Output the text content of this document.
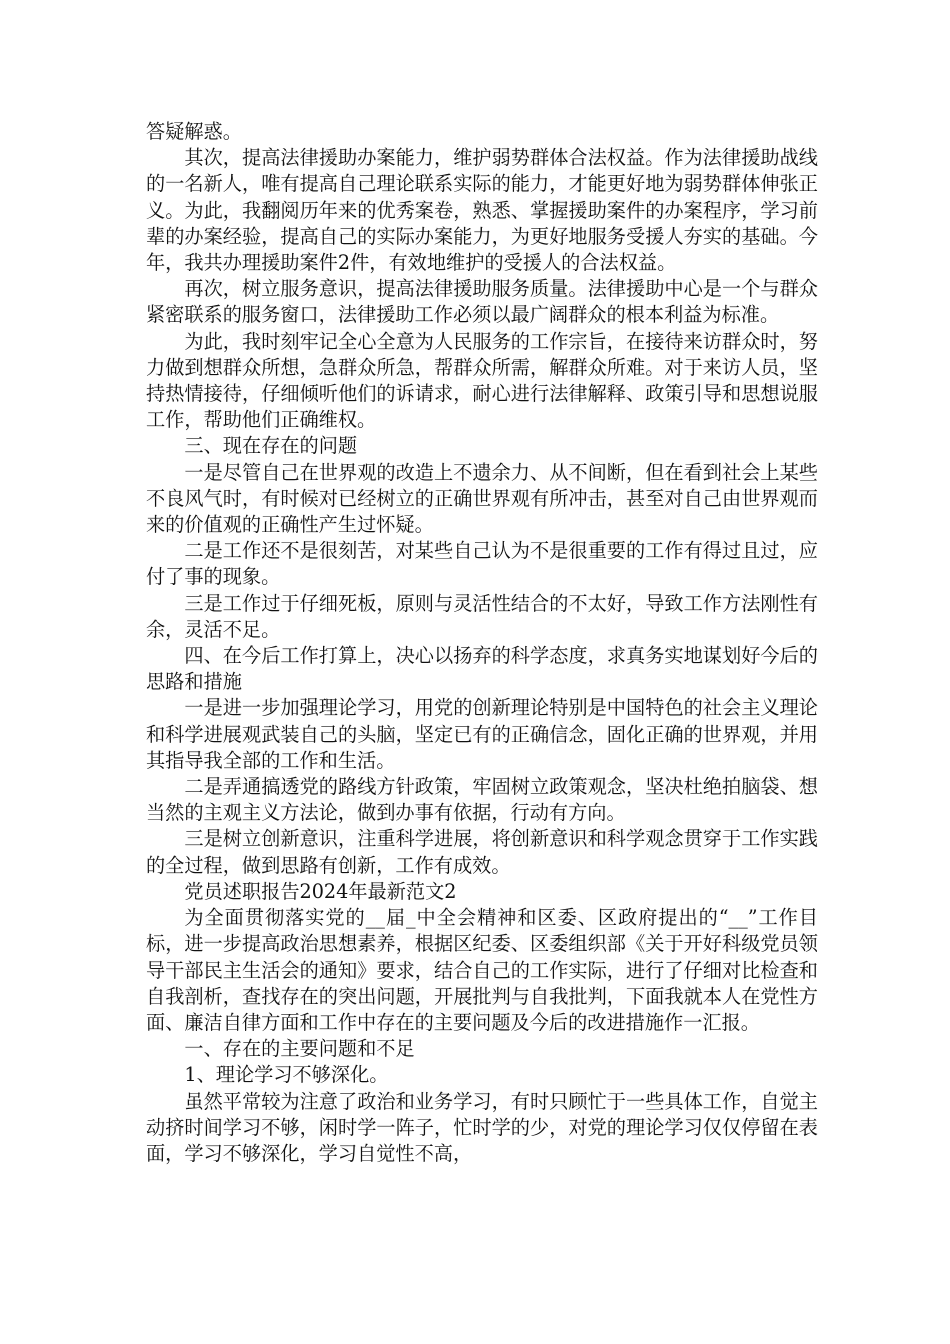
答疑解惑。

其次，提高法律援助办案能力，维护弱势群体合法权益。作为法律援助战线的一名新人，唯有提高自己理论联系实际的能力，才能更好地为弱势群体伸张正义。为此，我翻阅历年来的优秀案卷，熟悉、掌握援助案件的办案程序，学习前辈的办案经验，提高自己的实际办案能力，为更好地服务受援人夯实的基础。今年，我共办理援助案件2件，有效地维护的受援人的合法权益。

再次，树立服务意识，提高法律援助服务质量。法律援助中心是一个与群众紧密联系的服务窗口，法律援助工作必须以最广阔群众的根本利益为标准。

为此，我时刻牢记全心全意为人民服务的工作宗旨，在接待来访群众时，努力做到想群众所想，急群众所急，帮群众所需，解群众所难。对于来访人员，坚持热情接待，仔细倾听他们的诉请求，耐心进行法律解释、政策引导和思想说服工作，帮助他们正确维权。

三、现在存在的问题

一是尽管自己在世界观的改造上不遗余力、从不间断，但在看到社会上某些不良风气时，有时候对已经树立的正确世界观有所冲击，甚至对自己由世界观而来的价值观的正确性产生过怀疑。

二是工作还不是很刻苦，对某些自己认为不是很重要的工作有得过且过，应付了事的现象。

三是工作过于仔细死板，原则与灵活性结合的不太好，导致工作方法刚性有余，灵活不足。

四、在今后工作打算上，决心以扬弃的科学态度，求真务实地谋划好今后的思路和措施

一是进一步加强理论学习，用党的创新理论特别是中国特色的社会主义理论和科学进展观武装自己的头脑，坚定已有的正确信念，固化正确的世界观，并用其指导我全部的工作和生活。

二是弄通搞透党的路线方针政策，牢固树立政策观念，坚决杜绝拍脑袋、想当然的主观主义方法论，做到办事有依据，行动有方向。

三是树立创新意识，注重科学进展，将创新意识和科学观念贯穿于工作实践的全过程，做到思路有创新，工作有成效。

党员述职报告2024年最新范文2

为全面贯彻落实党的__届_中全会精神和区委、区政府提出的“__”工作目标，进一步提高政治思想素养，根据区纪委、区委组织部《关于开好科级党员领导干部民主生活会的通知》要求，结合自己的工作实际，进行了仔细对比检查和自我剖析，查找存在的突出问题，开展批判与自我批判，下面我就本人在党性方面、廉洁自律方面和工作中存在的主要问题及今后的改进措施作一汇报。

一、存在的主要问题和不足

1、理论学习不够深化。

虽然平常较为注意了政治和业务学习，有时只顾忙于一些具体工作，自觉主动挤时间学习不够，闲时学一阵子，忙时学的少，对党的理论学习仅仅停留在表面，学习不够深化，学习自觉性不高，
